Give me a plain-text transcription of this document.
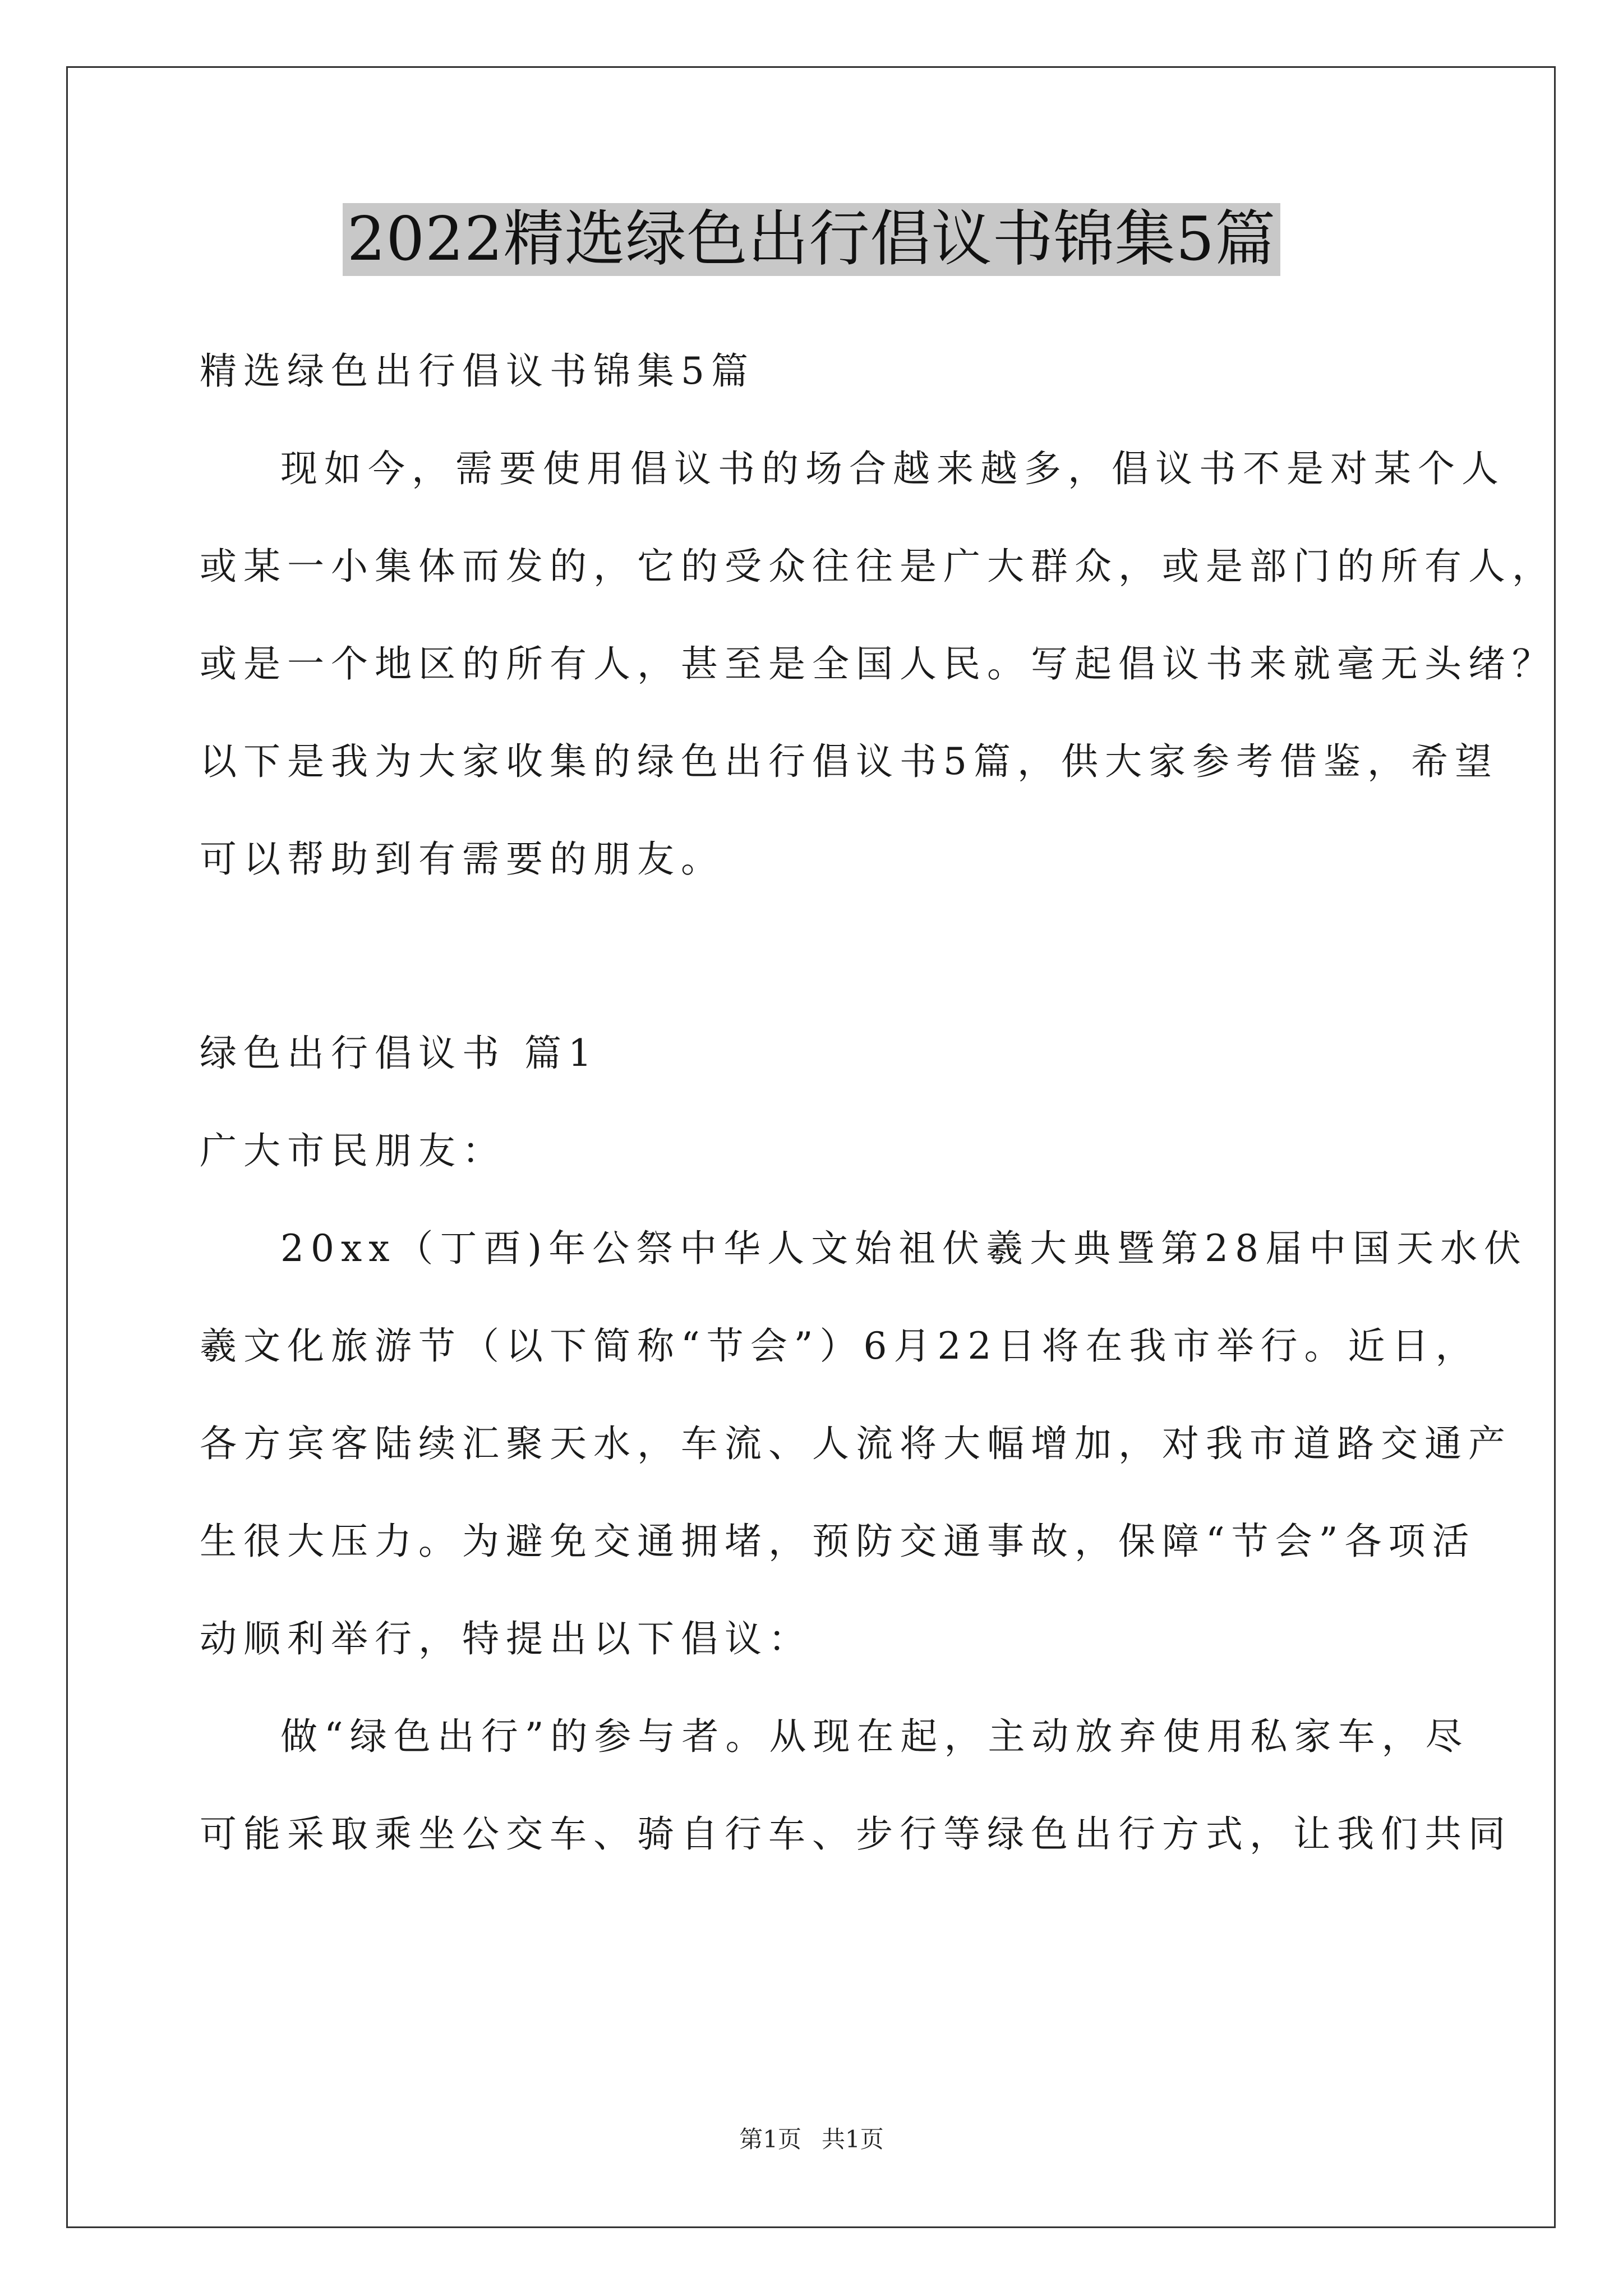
2022精选绿色出行倡议书锦集5篇
精选绿色出行倡议书锦集5篇
现如今，需要使用倡议书的场合越来越多，倡议书不是对某个人
或某一小集体而发的，它的受众往往是广大群众，或是部门的所有人，
或是一个地区的所有人，甚至是全国人民。写起倡议书来就毫无头绪？
以下是我为大家收集的绿色出行倡议书5篇，供大家参考借鉴，希望
可以帮助到有需要的朋友。
绿色出行倡议书 篇1
广大市民朋友：
20xx（丁酉)年公祭中华人文始祖伏羲大典暨第28届中国天水伏
羲文化旅游节（以下简称“节会”）6月22日将在我市举行。近日，
各方宾客陆续汇聚天水，车流、人流将大幅增加，对我市道路交通产
生很大压力。为避免交通拥堵，预防交通事故，保障“节会”各项活
动顺利举行，特提出以下倡议：
做“绿色出行”的参与者。从现在起，主动放弃使用私家车，尽
可能采取乘坐公交车、骑自行车、步行等绿色出行方式，让我们共同
第1页 共1页
